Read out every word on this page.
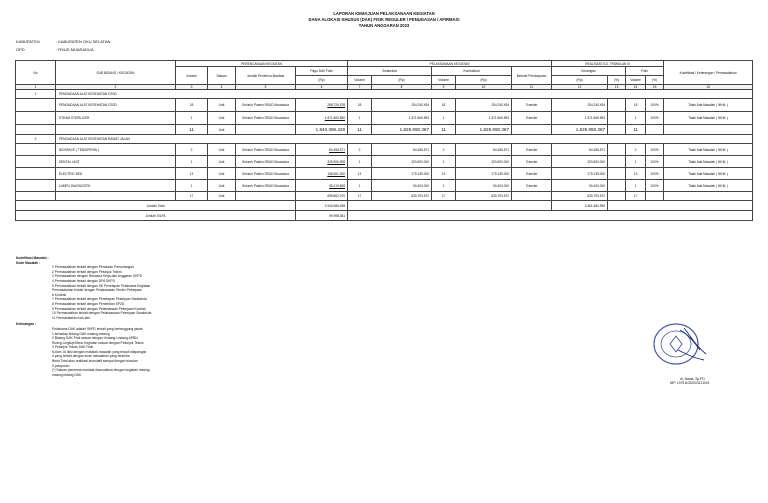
LAPORAN KEMAJUAN PELAKSANAAN KEGIATAN
DANA ALOKASI KHUSUS (DAK) FISIK REGULER / PENUGASAN / AFIRMASI
TAHUN ANGGARAN 2023
KABUPATEN	: KABUPATEN OKU SELATAN
OPD	: RSUD MUARADUA
No	SUB BIDANG / KEGIATAN	PERENCANAAN KEGIATAN				PELAKSANAAN KEGIATAN					REALISASI S.D. TRIWULAN III				Kodefikasi / Keterangan / Permasalahan
		Volume	Satuan	Jumlah Penerima Manfaat	Pagu DAK Fisik	Swakelola		Kontraktual		Metode Pembayaran	Keuangan		Fisik		
					(Rp)	Volume	(Rp)	Volume	(Rp)		(Rp)	(%)	Volume	(%)	
1	2	3	4	5	6	7	8	9	10	11	12	13	14	15	16
1	PENGADAAN ALAT KESEHATAN CSSD														
	PENGADAAN ALAT KESEHATAN CSSD	18	Unit	Seluruh Pasien RSUD Muaradua	268.726.578	18	254.240.494	18	254.240.494	Transfer	254.240.494		18	100%	Tidak Ada Masalah ( NIHIL )
	STEAM STERILIZER	1	Unit	Seluruh Pasien RSUD Muaradua	1.571.669.850	1	1.571.669.893	1	1.571.669.893	Transfer	1.571.669.893		1	100%	Tidak Ada Masalah ( NIHIL )
		11	Unit		1.840.396.428	11	1.825.890.387	11	1.825.890.387		1.825.890.387		11		
2	PENGADAAN ALAT KESEHATAN RAWAT JALAN														
	BIOSPACE ( TENSIPERIN )	2	Unit	Seluruh Pasien RSUD Muaradua	84.458.571	2	84.458.571	2	84.458.571	Transfer	84.458.571		2	100%	Tidak Ada Masalah ( NIHIL )
	DENTAL UNIT	1	Unit	Seluruh Pasien RSUD Muaradua	325.906.908	1	320.800.000	1	320.800.000	Transfer	320.800.000		1	100%	Tidak Ada Masalah ( NIHIL )
	ELECTRIC BED	13	Unit	Seluruh Pasien RSUD Muaradua	198.561.000	13	175.135.000	13	175.135.000	Transfer	175.135.000		13	100%	Tidak Ada Masalah ( NIHIL )
	LAMPU DIAGNOSTIK	1	Unit	Seluruh Pasien RSUD Muaradua	55.419.808	1	50.400.000	1	50.400.000	Transfer	50.400.000		1	100%	Tidak Ada Masalah ( NIHIL )
		17	Unit		699.662.070	17	630.793.572	17	630.793.572		630.793.572		17		
Jumlah Total					2.540.086.498						2.461.683.959				
Jumlah SILPA					99.998.381										
Kodefikasi Masalah :
Kode Masalah :
1 Permasalahan terkait dengan Peraturan Perundangan
2 Permasalahan terkait dengan Petunjuk Teknis
3 Permasalahan dengan Rencana Kerja dan Anggaran SKPD
4 Permasalahan terkait dengan DPA SKPD
5 Permasalahan terkait dengan SK Penetapan Pelaksana Kegiatan
Permasalahan terkait dengan Pelaksanaan Tender Pekerjaan
6 Kontrak
7 Permasalahan terkait dengan Penerapan Pekerjaan Swakelola
8 Permasalahan terkait dengan Penerbitan SP2D
9 Permasalahan terkait dengan Pelaksanaan Pekerjaan Kontrak
10 Permasalahan terkait dengan Pelaksanaan Pekerjaan Swakelola
11 Permasalahan lain-lain
Keterangan :
Pelaksana DAK adalah SKPD terkait yang bertanggung jawab
1 terhadap bidang DAK masing-masing
2 Bidang DAK Fisik sesuai dengan Undang-Undang APBN
Ruang Lingkup/Menu Kegiatan sesuai dengan Petunjuk Teknis
3 Petunjuk Teknis DAK Fisik
Kolom 16 diisi dengan masalah-masalah yang terjadi dilapangan
4 yang terkait dengan kode masalahan yang tersedia
Beda Total atau realisasi kumulatif sampai dengan triwulan
5 pelaporan
(*) Satuan penerima manfaat disesuaikan dengan kegiatan masing-
masing bidang DAK
dr. Nama, Sp.PD
NIP. 197511052003121001
